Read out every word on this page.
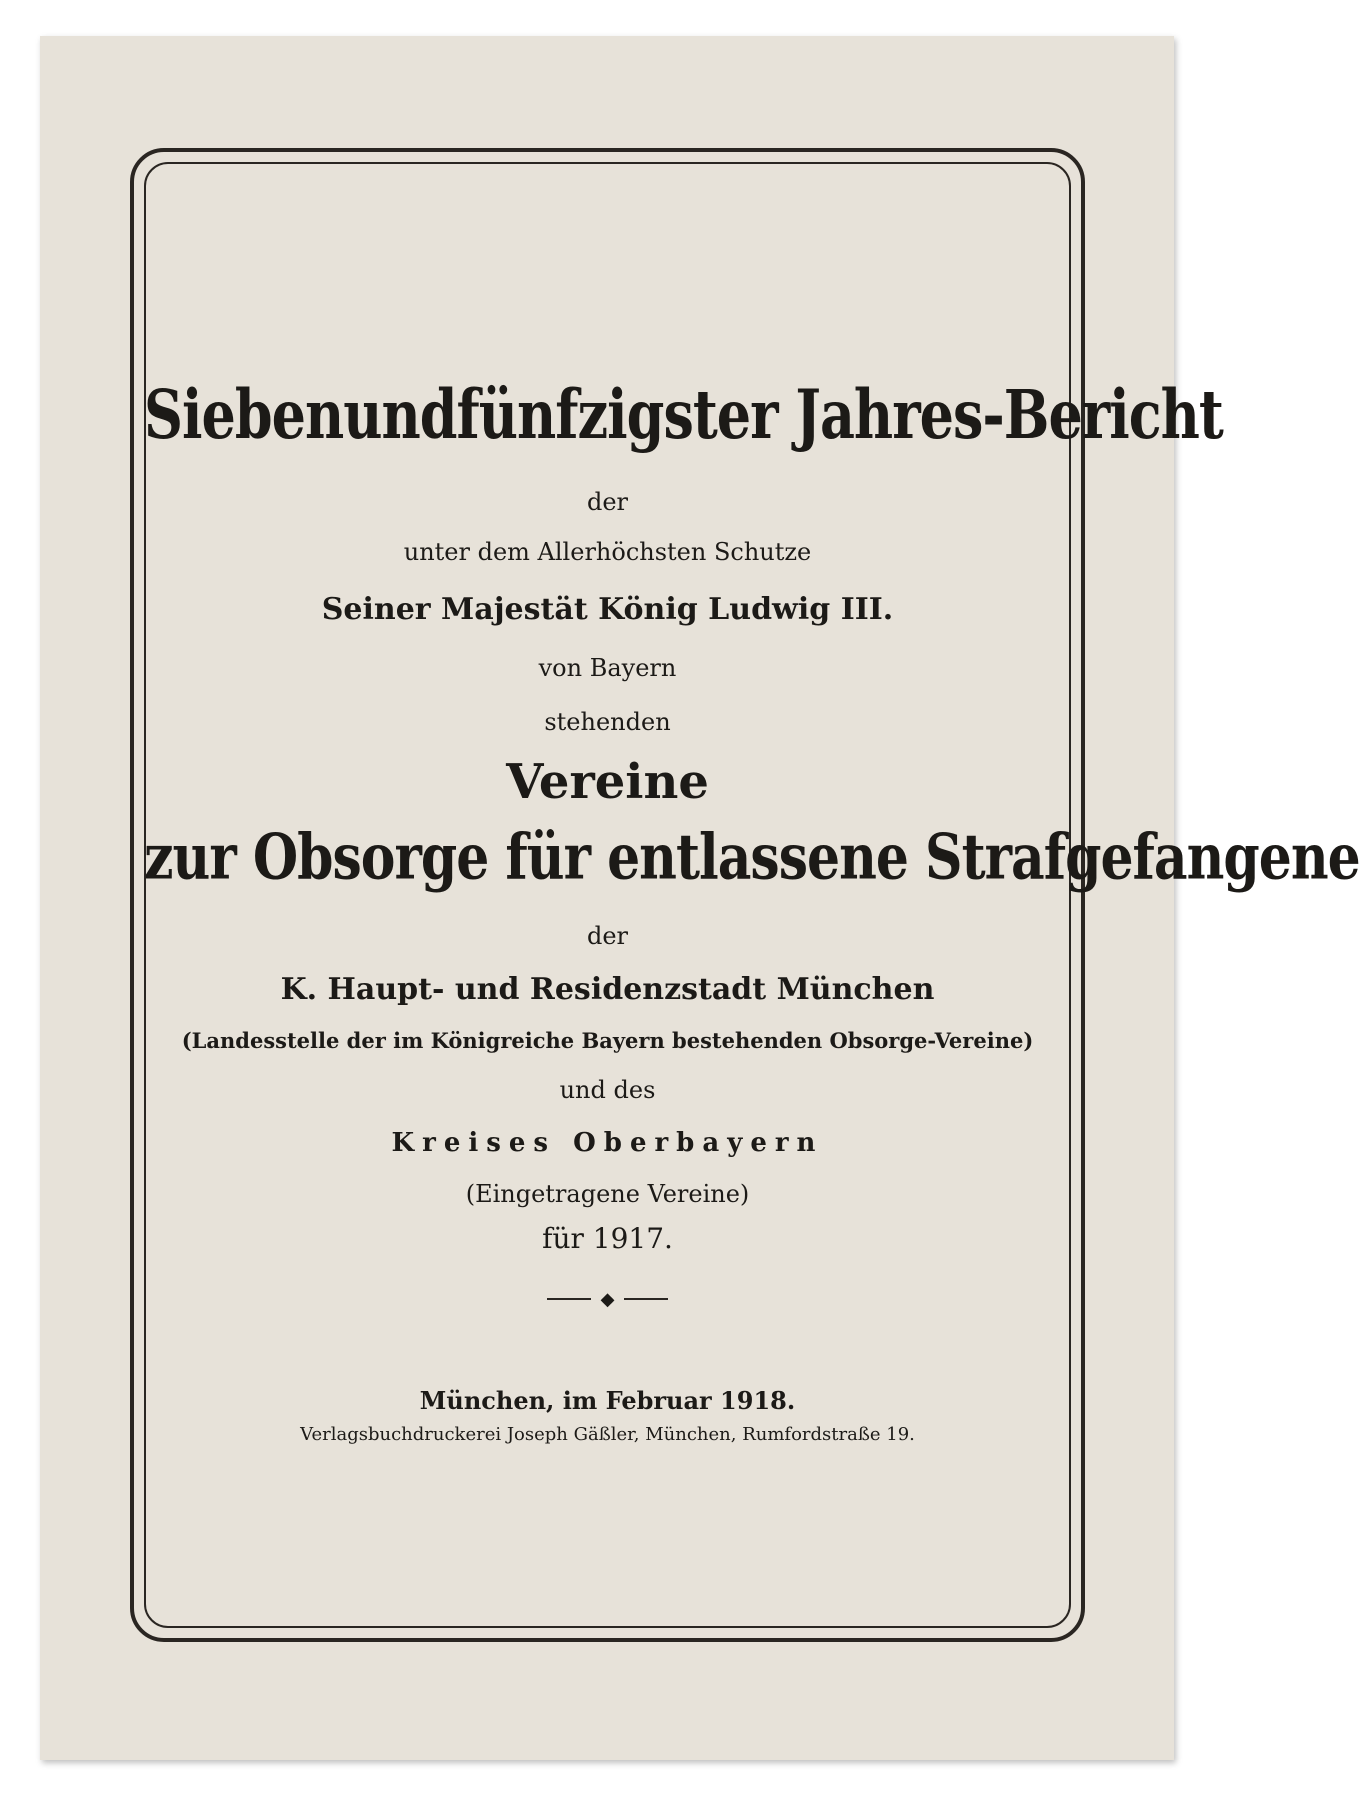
Siebenundfünfzigster Jahres-Bericht
der
unter dem Allerhöchsten Schutze
Seiner Majestät König Ludwig III.
von Bayern
stehenden
Vereine
zur Obsorge für entlassene Strafgefangene
der
K. Haupt- und Residenzstadt München
(Landesstelle der im Königreiche Bayern bestehenden Obsorge-Vereine)
und des
Kreises Oberbayern
(Eingetragene Vereine)
für 1917.
◆
München, im Februar 1918.
Verlagsbuchdruckerei Joseph Gäßler, München, Rumfordstraße 19.
